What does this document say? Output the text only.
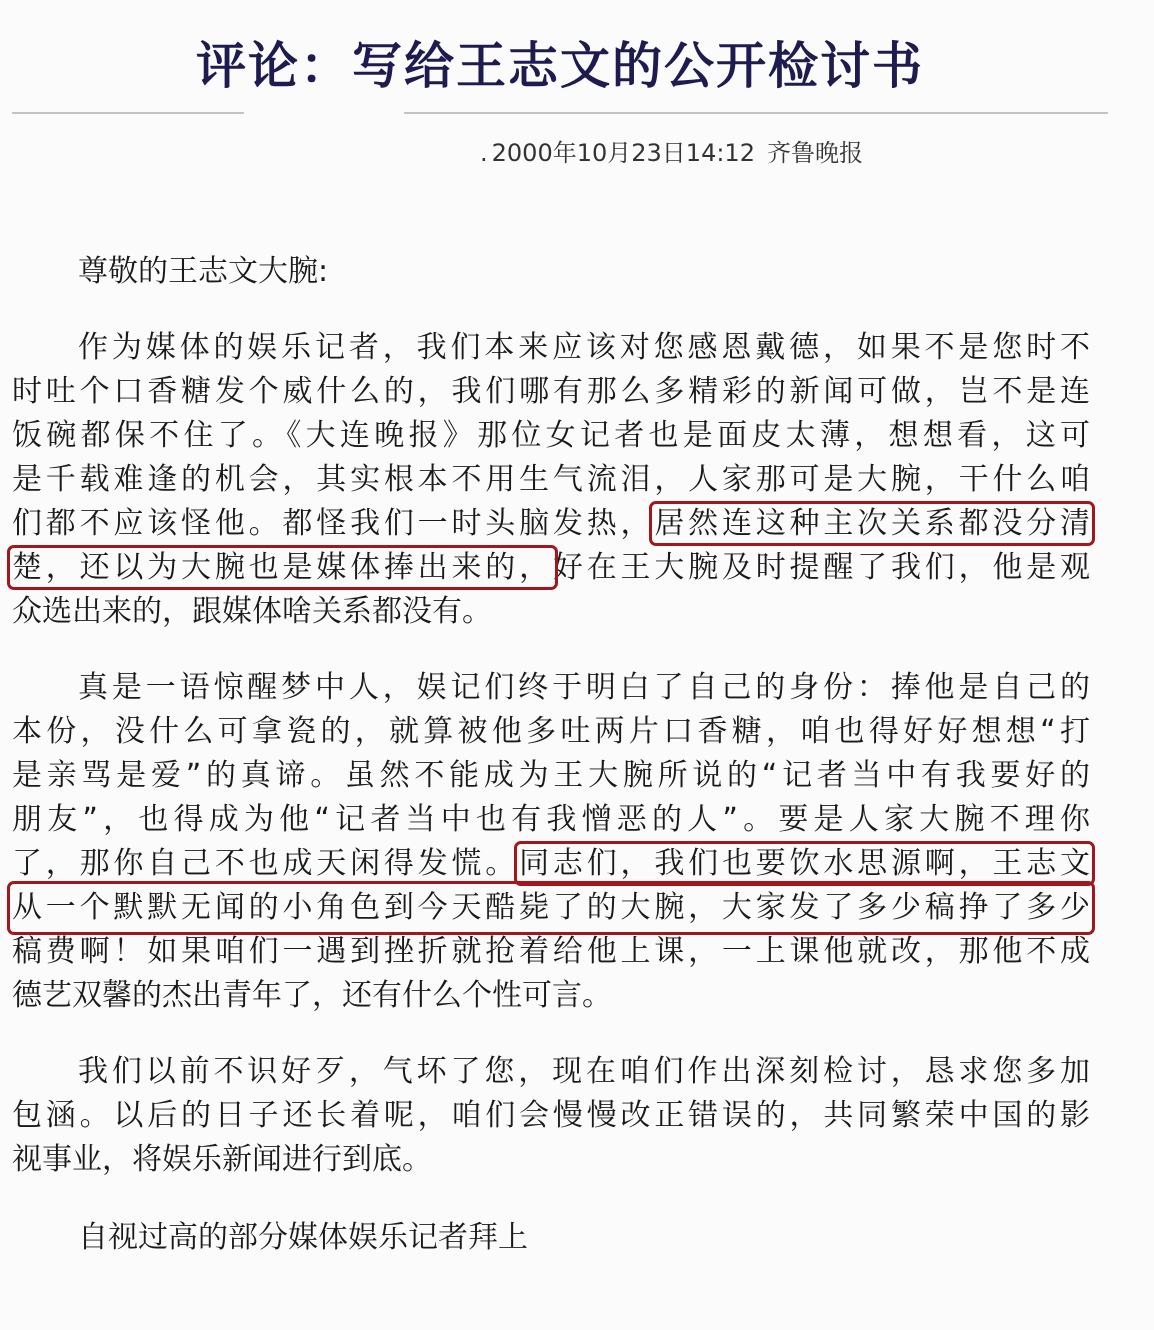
评论：写给王志文的公开检讨书
. 2000年10月23日14:12 齐鲁晚报
尊敬的王志文大腕:
作为媒体的娱乐记者，我们本来应该对您感恩戴德，如果不是您时不
时吐个口香糖发个威什么的，我们哪有那么多精彩的新闻可做，岂不是连
饭碗都保不住了。《大连晚报》那位女记者也是面皮太薄，想想看，这可
是千载难逢的机会，其实根本不用生气流泪，人家那可是大腕，干什么咱
们都不应该怪他。都怪我们一时头脑发热，居然连这种主次关系都没分清
楚，还以为大腕也是媒体捧出来的，好在王大腕及时提醒了我们，他是观
众选出来的，跟媒体啥关系都没有。
真是一语惊醒梦中人，娱记们终于明白了自己的身份：捧他是自己的
本份，没什么可拿瓷的，就算被他多吐两片口香糖，咱也得好好想想“打
是亲骂是爱”的真谛。虽然不能成为王大腕所说的“记者当中有我要好的
朋友”，也得成为他“记者当中也有我憎恶的人”。要是人家大腕不理你
了，那你自己不也成天闲得发慌。同志们，我们也要饮水思源啊，王志文
从一个默默无闻的小角色到今天酷毙了的大腕，大家发了多少稿挣了多少
稿费啊！如果咱们一遇到挫折就抢着给他上课，一上课他就改，那他不成
德艺双馨的杰出青年了，还有什么个性可言。
我们以前不识好歹，气坏了您，现在咱们作出深刻检讨，恳求您多加
包涵。以后的日子还长着呢，咱们会慢慢改正错误的，共同繁荣中国的影
视事业，将娱乐新闻进行到底。
自视过高的部分媒体娱乐记者拜上
